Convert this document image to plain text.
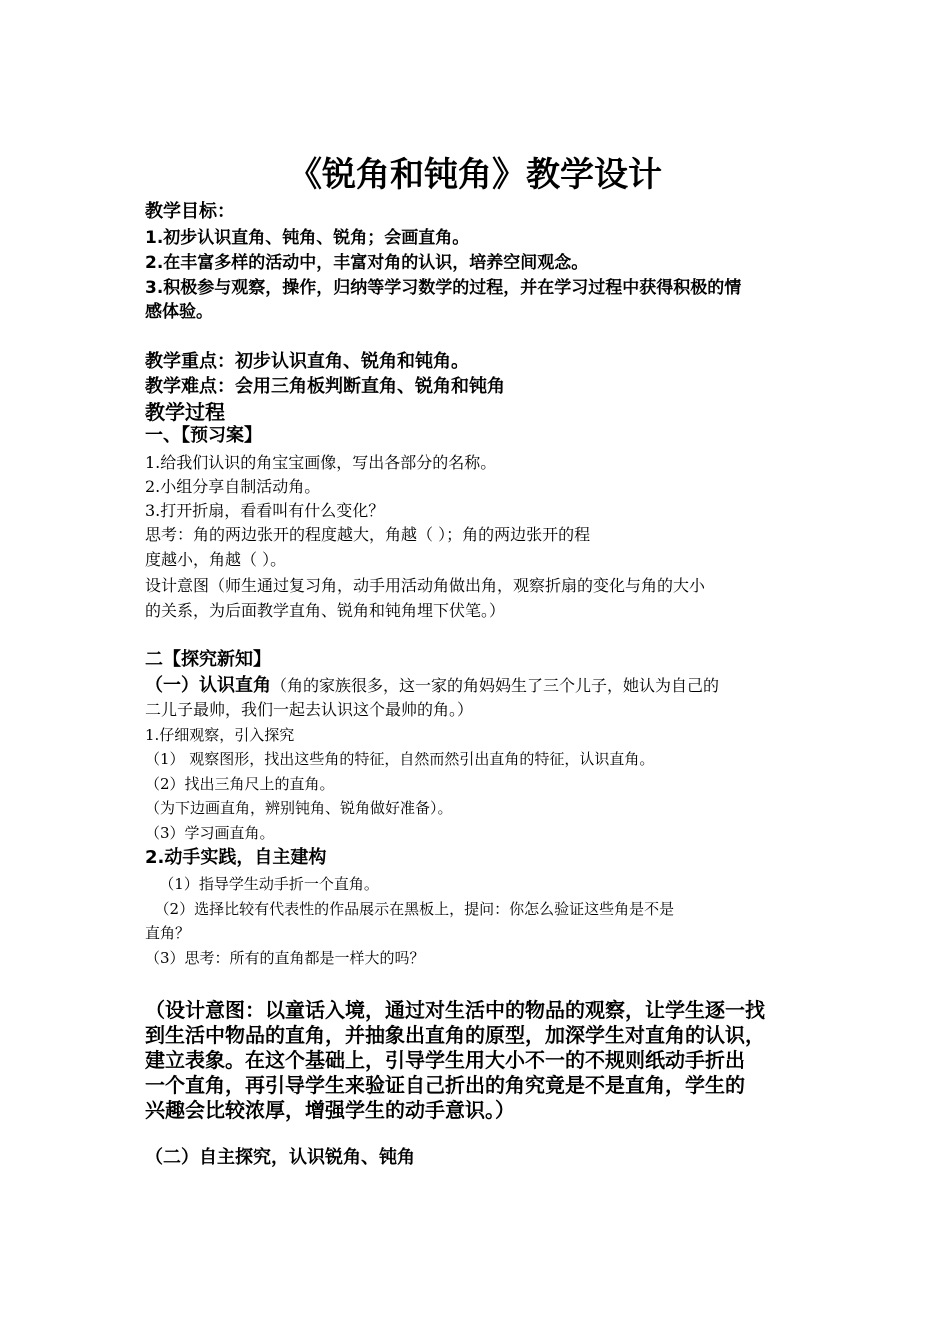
《锐角和钝角》教学设计
教学目标：
1.初步认识直角、钝角、锐角；会画直角。
2.在丰富多样的活动中，丰富对角的认识，培养空间观念。
3.积极参与观察，操作，归纳等学习数学的过程，并在学习过程中获得积极的情
感体验。
教学重点：初步认识直角、锐角和钝角。
教学难点：会用三角板判断直角、锐角和钝角
教学过程
一、【预习案】
1.给我们认识的角宝宝画像，写出各部分的名称。
2.小组分享自制活动角。
3.打开折扇，看看叫有什么变化？
思考：角的两边张开的程度越大，角越（ ）；角的两边张开的程
度越小，角越（ ）。
设计意图（师生通过复习角，动手用活动角做出角，观察折扇的变化与角的大小
的关系，为后面教学直角、锐角和钝角埋下伏笔。）
二【探究新知】
（一）认识直角（角的家族很多，这一家的角妈妈生了三个儿子，她认为自己的
二儿子最帅，我们一起去认识这个最帅的角。）
1.仔细观察，引入探究
（1） 观察图形，找出这些角的特征，自然而然引出直角的特征，认识直角。
（2）找出三角尺上的直角。
（为下边画直角，辨别钝角、锐角做好准备）。
（3）学习画直角。
2.动手实践，自主建构
（1）指导学生动手折一个直角。
（2）选择比较有代表性的作品展示在黑板上，提问：你怎么验证这些角是不是
直角？
（3）思考：所有的直角都是一样大的吗？
（设计意图：以童话入境，通过对生活中的物品的观察，让学生逐一找
到生活中物品的直角，并抽象出直角的原型，加深学生对直角的认识，
建立表象。在这个基础上，引导学生用大小不一的不规则纸动手折出
一个直角，再引导学生来验证自己折出的角究竟是不是直角，学生的
兴趣会比较浓厚，增强学生的动手意识。）
（二）自主探究，认识锐角、钝角
